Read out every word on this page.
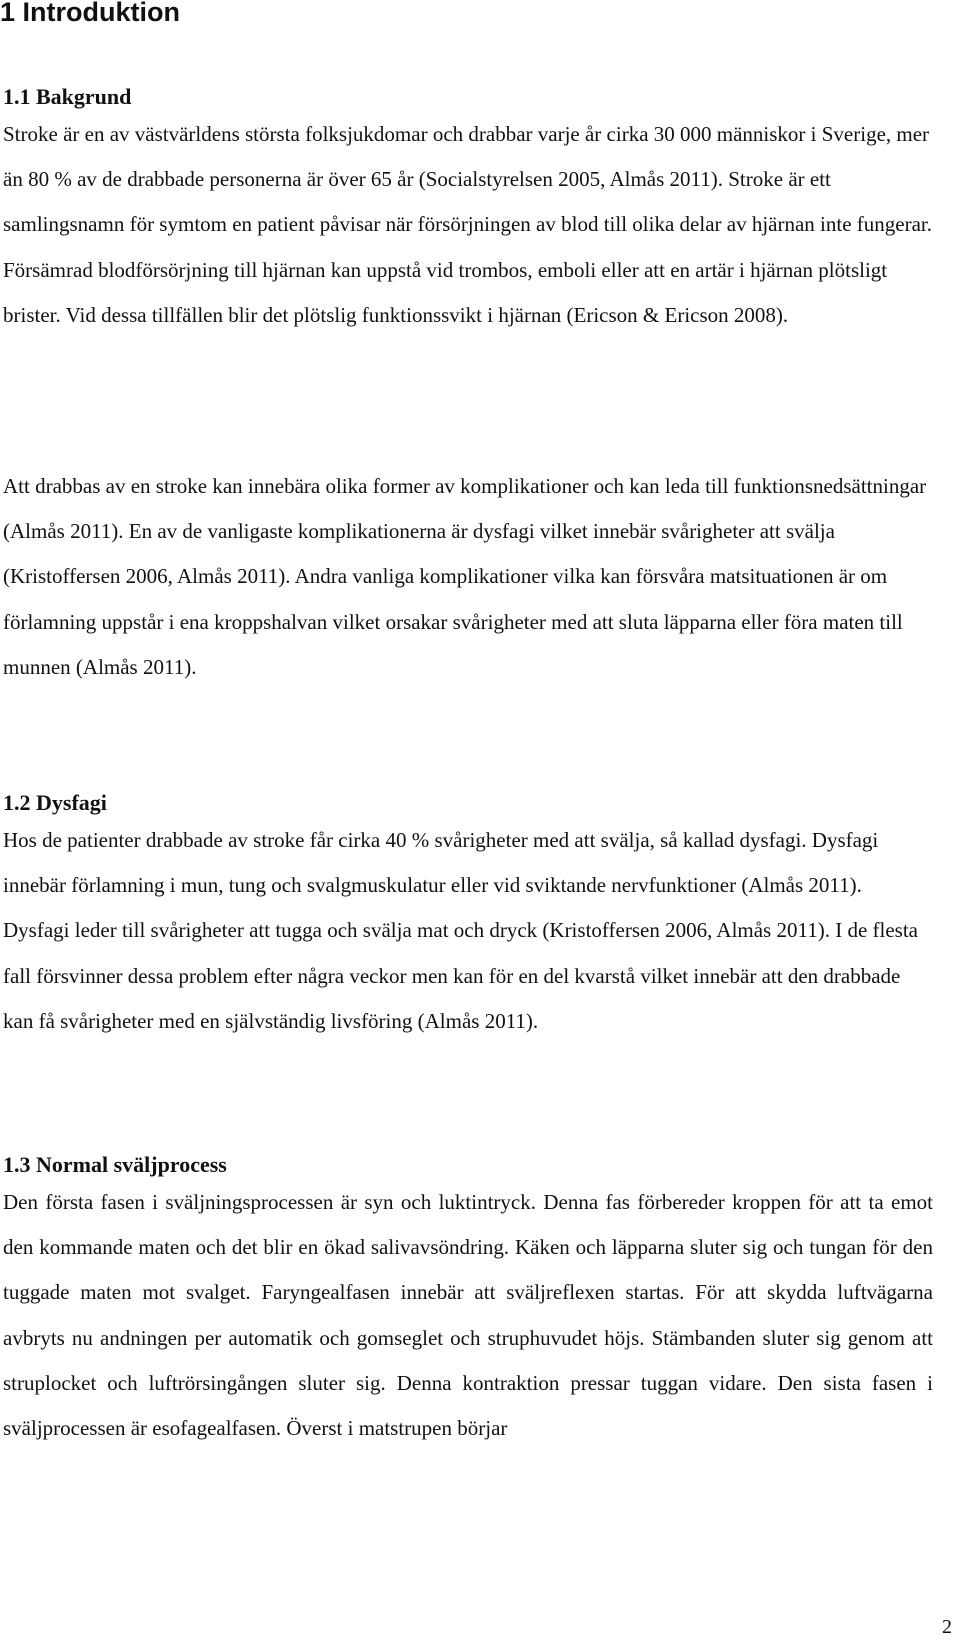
1 Introduktion
1.1 Bakgrund

Stroke är en av västvärldens största folksjukdomar och drabbar varje år cirka 30 000 människor i Sverige, mer än 80 % av de drabbade personerna är över 65 år (Socialstyrelsen 2005, Almås 2011). Stroke är ett samlingsnamn för symtom en patient påvisar när försörjningen av blod till olika delar av hjärnan inte fungerar. Försämrad blodförsörjning till hjärnan kan uppstå vid trombos, emboli eller att en artär i hjärnan plötsligt brister. Vid dessa tillfällen blir det plötslig funktionssvikt i hjärnan (Ericson & Ericson 2008).

Att drabbas av en stroke kan innebära olika former av komplikationer och kan leda till funktionsnedsättningar (Almås 2011). En av de vanligaste komplikationerna är dysfagi vilket innebär svårigheter att svälja (Kristoffersen 2006, Almås 2011). Andra vanliga komplikationer vilka kan försvåra matsituationen är om förlamning uppstår i ena kroppshalvan vilket orsakar svårigheter med att sluta läpparna eller föra maten till munnen (Almås 2011).

1.2 Dysfagi

Hos de patienter drabbade av stroke får cirka 40 % svårigheter med att svälja, så kallad dysfagi. Dysfagi innebär förlamning i mun, tung och svalgmuskulatur eller vid sviktande nervfunktioner (Almås 2011). Dysfagi leder till svårigheter att tugga och svälja mat och dryck (Kristoffersen 2006, Almås 2011). I de flesta fall försvinner dessa problem efter några veckor men kan för en del kvarstå vilket innebär att den drabbade kan få svårigheter med en självständig livsföring (Almås 2011).

1.3 Normal sväljprocess

Den första fasen i sväljningsprocessen är syn och luktintryck. Denna fas förbereder kroppen för att ta emot den kommande maten och det blir en ökad salivavsöndring. Käken och läpparna sluter sig och tungan för den tuggade maten mot svalget. Faryngealfasen innebär att sväljreflexen startas. För att skydda luftvägarna avbryts nu andningen per automatik och gomseglet och struphuvudet höjs. Stämbanden sluter sig genom att struplocket och luftrörsingången sluter sig. Denna kontraktion pressar tuggan vidare. Den sista fasen i sväljprocessen är esofagealfasen. Överst i matstrupen börjar

2
